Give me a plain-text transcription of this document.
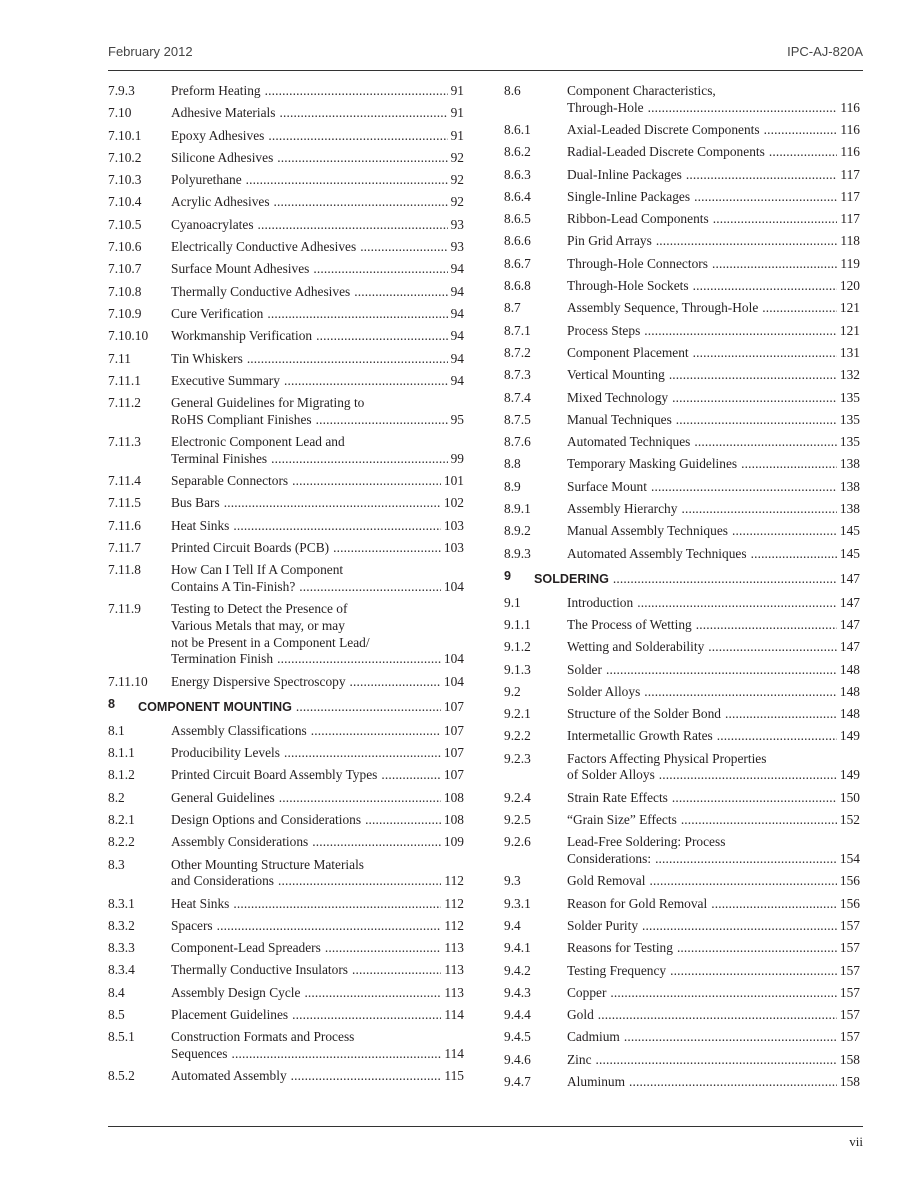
February 2012	IPC-AJ-820A
7.9.3	Preform Heating . . .	91
7.10	Adhesive Materials . . .	91
7.10.1 Epoxy Adhesives . . .	91
7.10.2 Silicone Adhesives . . .	92
7.10.3 Polyurethane . . .	92
7.10.4 Acrylic Adhesives . . .	92
7.10.5 Cyanoacrylates . . .	93
7.10.6 Electrically Conductive Adhesives . . .	93
7.10.7 Surface Mount Adhesives . . .	94
7.10.8 Thermally Conductive Adhesives . . .	94
7.10.9 Cure Verification . . .	94
7.10.10 Workmanship Verification . . .	94
7.11	Tin Whiskers . . .	94
7.11.1 Executive Summary . . .	94
7.11.2 General Guidelines for Migrating to
RoHS Compliant Finishes . . .	95
7.11.3 Electronic Component Lead and
Terminal Finishes . . .	99
7.11.4 Separable Connectors . . .	101
7.11.5 Bus Bars . . .	102
7.11.6 Heat Sinks . . .	103
7.11.7 Printed Circuit Boards (PCB) . . .	103
7.11.8 How Can I Tell If A Component
Contains A Tin-Finish? . . .	104
7.11.9 Testing to Detect the Presence of
Various Metals that may, or may
not be Present in a Component Lead/
Termination Finish . . .	104
7.11.10 Energy Dispersive Spectroscopy . . .	104
8 COMPONENT MOUNTING . . .	107
8.1	Assembly Classifications . . .	107
8.1.1	Producibility Levels . . .	107
8.1.2	Printed Circuit Board Assembly Types . . .	107
8.2	General Guidelines . . .	108
8.2.1	Design Options and Considerations . . .	108
8.2.2	Assembly Considerations . . .	109
8.3	Other Mounting Structure Materials
and Considerations . . .	112
8.3.1	Heat Sinks . . .	112
8.3.2	Spacers . . .	112
8.3.3	Component-Lead Spreaders . . .	113
8.3.4	Thermally Conductive Insulators . . .	113
8.4	Assembly Design Cycle . . .	113
8.5	Placement Guidelines . . .	114
8.5.1	Construction Formats and Process
Sequences . . .	114
8.5.2	Automated Assembly . . .	115
8.6	Component Characteristics,
Through-Hole . . .	116
8.6.1	Axial-Leaded Discrete Components . . .	116
8.6.2	Radial-Leaded Discrete Components . . .	116
8.6.3	Dual-Inline Packages . . .	117
8.6.4	Single-Inline Packages . . .	117
8.6.5	Ribbon-Lead Components . . .	117
8.6.6	Pin Grid Arrays . . .	118
8.6.7	Through-Hole Connectors . . .	119
8.6.8	Through-Hole Sockets . . .	120
8.7	Assembly Sequence, Through-Hole . . .	121
8.7.1	Process Steps . . .	121
8.7.2	Component Placement . . .	131
8.7.3	Vertical Mounting . . .	132
8.7.4	Mixed Technology . . .	135
8.7.5	Manual Techniques . . .	135
8.7.6	Automated Techniques . . .	135
8.8	Temporary Masking Guidelines . . .	138
8.9	Surface Mount . . .	138
8.9.1	Assembly Hierarchy . . .	138
8.9.2	Manual Assembly Techniques . . .	145
8.9.3	Automated Assembly Techniques . . .	145
9 SOLDERING . . .	147
9.1	Introduction . . .	147
9.1.1	The Process of Wetting . . .	147
9.1.2	Wetting and Solderability . . .	147
9.1.3	Solder . . .	148
9.2	Solder Alloys . . .	148
9.2.1	Structure of the Solder Bond . . .	148
9.2.2	Intermetallic Growth Rates . . .	149
9.2.3	Factors Affecting Physical Properties
of Solder Alloys . . .	149
9.2.4	Strain Rate Effects . . .	150
9.2.5	“Grain Size” Effects . . .	152
9.2.6	Lead-Free Soldering: Process
Considerations: . . .	154
9.3	Gold Removal . . .	156
9.3.1	Reason for Gold Removal . . .	156
9.4	Solder Purity . . .	157
9.4.1	Reasons for Testing . . .	157
9.4.2	Testing Frequency . . .	157
9.4.3	Copper . . .	157
9.4.4	Gold . . .	157
9.4.5	Cadmium . . .	157
9.4.6	Zinc . . .	158
9.4.7	Aluminum . . .	158
vii
